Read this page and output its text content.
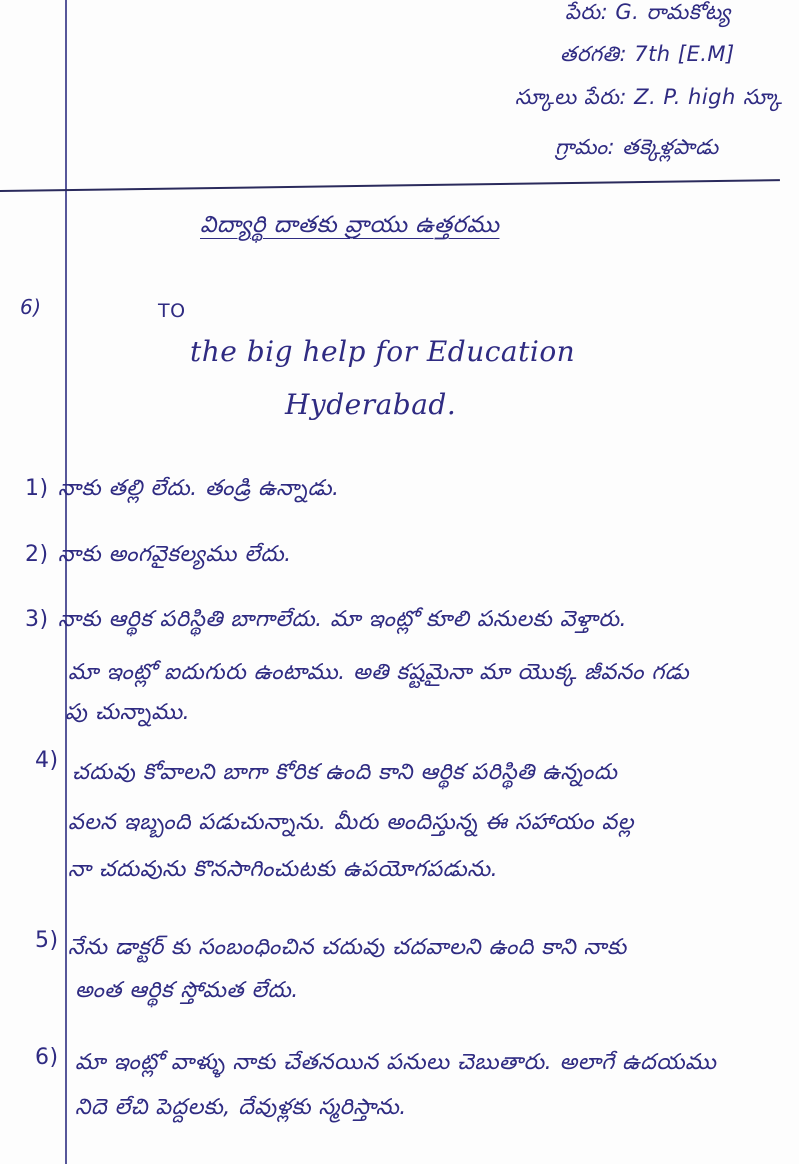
పేరు: G. రామకోట్య
తరగతి: 7th [E.M]
స్కూలు పేరు: Z. P. high స్కూ
గ్రామం: తక్కెళ్లపాడు
విద్యార్థి దాతకు వ్రాయు ఉత్తరము
6)	TO
the big help for Education
Hyderabad.
1) నాకు తల్లి లేదు. తండ్రి ఉన్నాడు.
2) నాకు అంగవైకల్యము లేదు.
3) నాకు ఆర్థిక పరిస్థితి బాగాలేదు. మా ఇంట్లో కూలి పనులకు వెళ్తారు.
మా ఇంట్లో ఐదుగురు ఉంటాము. అతి కష్టమైనా మా యొక్క జీవనం గడు
పు చున్నాము.
4) చదువు కోవాలని బాగా కోరిక ఉంది కాని ఆర్థిక పరిస్థితి ఉన్నందు
వలన ఇబ్బంది పడుచున్నాను. మీరు అందిస్తున్న ఈ సహాయం వల్ల
నా చదువును కొనసాగించుటకు ఉపయోగపడును.
5) నేను డాక్టర్ కు సంబంధించిన చదువు చదవాలని ఉంది కాని నాకు
అంత ఆర్థిక స్తోమత లేదు.
6) మా ఇంట్లో వాళ్ళు నాకు చేతనయిన పనులు చెబుతారు. అలాగే ఉదయము
నిదె లేచి పెద్దలకు, దేవుళ్లకు స్మరిస్తాను.
